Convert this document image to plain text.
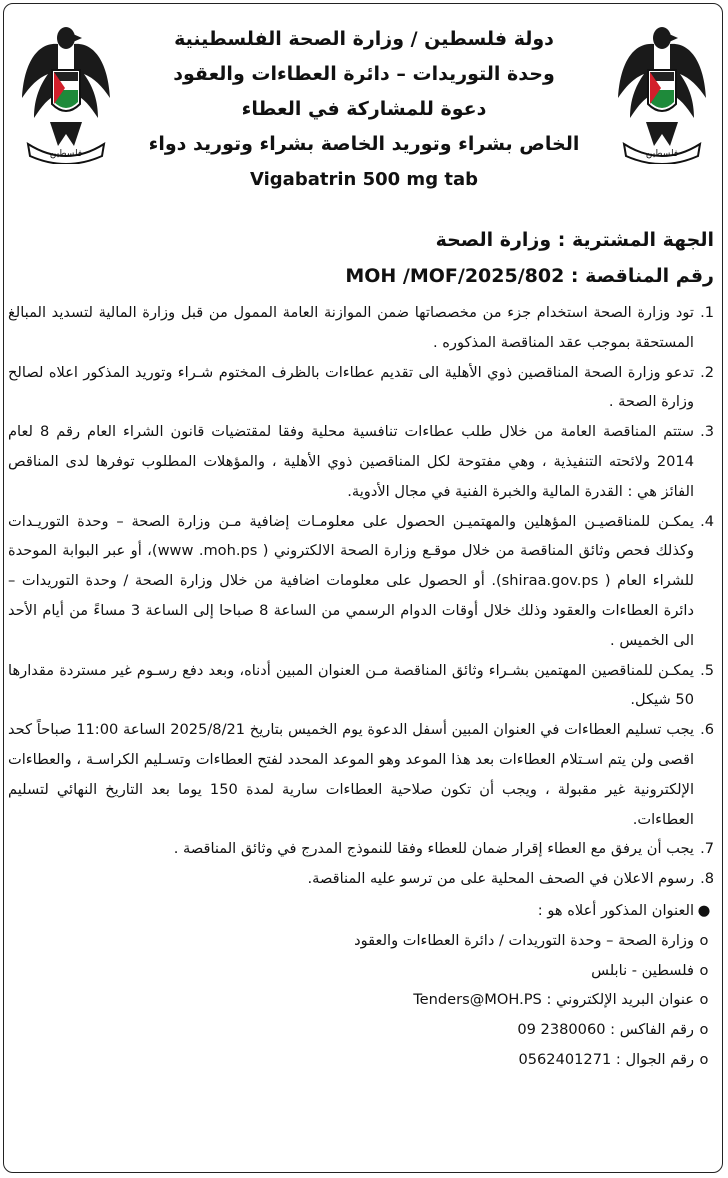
فلسطين
فلسطين
دولة فلسطين / وزارة الصحة الفلسطينية
وحدة التوريدات – دائرة العطاءات والعقود
دعوة للمشاركة في العطاء
الخاص بشراء وتوريد الخاصة بشراء وتوريد دواء
Vigabatrin 500 mg tab
الجهة المشترية : وزارة الصحة
رقم المناقصة : MOH /MOF/2025/802
1.
تود وزارة الصحة استخدام جزء من مخصصاتها ضمن الموازنة العامة الممول من قبل وزارة المالية لتسديد المبالغ المستحقة بموجب عقد المناقصة المذكوره .
2.
تدعو وزارة الصحة المناقصين ذوي الأهلية الى تقديم عطاءات بالظرف المختوم شـراء وتوريد المذكور اعلاه لصالح وزارة الصحة .
3.
ستتم المناقصة العامة من خلال طلب عطاءات تنافسية محلية وفقا لمقتضيات قانون الشراء العام رقم 8 لعام 2014 ولائحته التنفيذية ، وهي مفتوحة لكل المناقصين ذوي الأهلية ، والمؤهلات المطلوب توفرها لدى المناقص الفائز هي : القدرة المالية والخبرة الفنية في مجال الأدوية.
4.
يمكـن للمناقصيـن المؤهلين والمهتميـن الحصول على معلومـات إضافية مـن وزارة الصحة – وحدة التوريـدات وكذلك فحص وثائق المناقصة من خلال موقـع وزارة الصحة الالكتروني ( www .moh.ps)، أو عبر البوابة الموحدة للشراء العام ( shiraa.gov.ps). أو الحصول على معلومات اضافية من خلال وزارة الصحة / وحدة التوريدات – دائرة العطاءات والعقود وذلك خلال أوقات الدوام الرسمي من الساعة 8 صباحا إلى الساعة 3 مساءً من أيام الأحد الى الخميس .
5.
يمكـن للمناقصين المهتمين بشـراء وثائق المناقصة مـن العنوان المبين أدناه، وبعد دفع رسـوم غير مستردة مقدارها 50 شيكل.
6.
يجب تسليم العطاءات في العنوان المبين أسفل الدعوة يوم الخميس بتاريخ 2025/8/21 الساعة 11:00 صباحاً كحد اقصى ولن يتم اسـتلام العطاءات بعد هذا الموعد وهو الموعد المحدد لفتح العطاءات وتسـليم الكراسـة ، والعطاءات الإلكترونية غير مقبولة ، ويجب أن تكون صلاحية العطاءات سارية لمدة 150 يوما بعد التاريخ النهائي لتسليم العطاءات.
7.
يجب أن يرفق مع العطاء إقرار ضمان للعطاء وفقا للنموذج المدرج في وثائق المناقصة .
8.
رسوم الاعلان في الصحف المحلية على من ترسو عليه المناقصة.
●
العنوان المذكور أعلاه هو :
o
وزارة الصحة – وحدة التوريدات / دائرة العطاءات والعقود
o
فلسطين - نابلس
o
عنوان البريد الإلكتروني : Tenders@MOH.PS
o
رقم الفاكس : 2380060 09
o
رقم الجوال : 0562401271
